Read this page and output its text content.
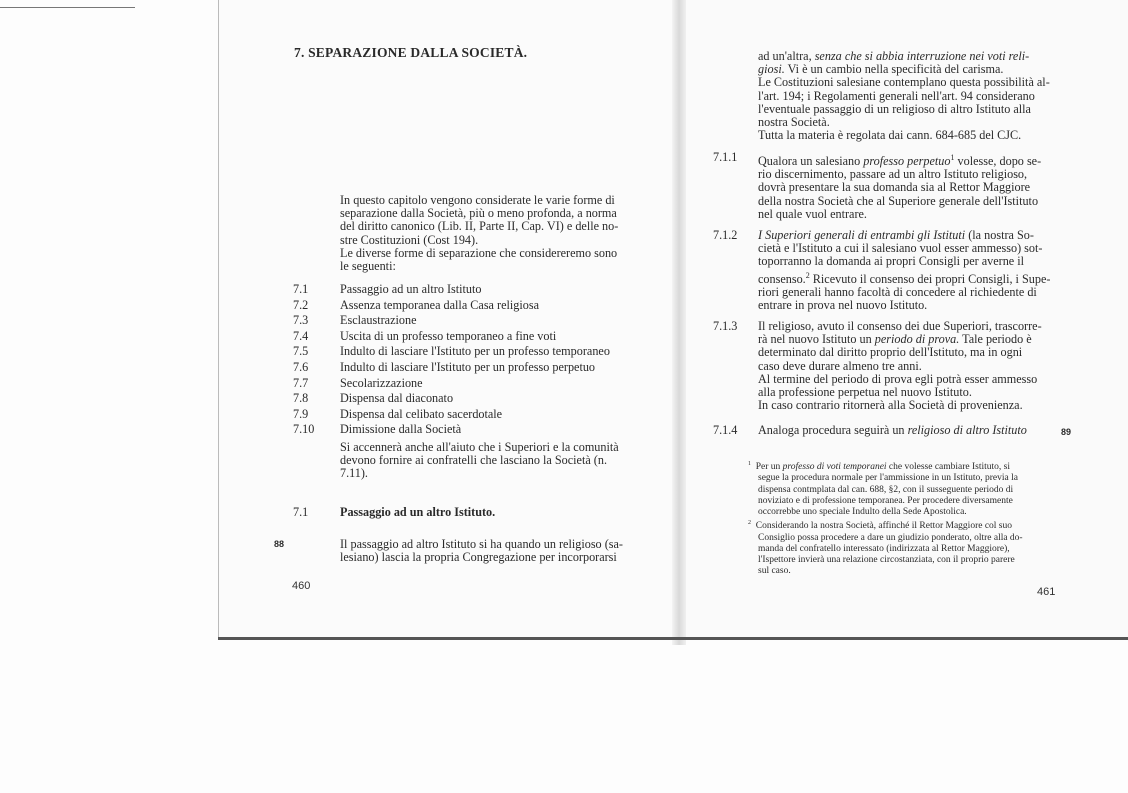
7. SEPARAZIONE DALLA SOCIETÀ.
In questo capitolo vengono considerate le varie forme di
separazione dalla Società, più o meno profonda, a norma
del diritto canonico (Lib. II, Parte II, Cap. VI) e delle no-
stre Costituzioni (Cost 194).
Le diverse forme di separazione che considereremo sono
le seguenti:
7.1	Passaggio ad un altro Istituto
7.2	Assenza temporanea dalla Casa religiosa
7.3	Esclaustrazione
7.4	Uscita di un professo temporaneo a fine voti
7.5	Indulto di lasciare l'Istituto per un professo temporaneo
7.6	Indulto di lasciare l'Istituto per un professo perpetuo
7.7	Secolarizzazione
7.8	Dispensa dal diaconato
7.9	Dispensa dal celibato sacerdotale
7.10 Dimissione dalla Società
Si accennerà anche all'aiuto che i Superiori e la comunità
devono fornire ai confratelli che lasciano la Società (n.
7.11).
7.1	Passaggio ad un altro Istituto.
88	Il passaggio ad altro Istituto si ha quando un religioso (sa-
lesiano) lascia la propria Congregazione per incorporarsi
460
ad un'altra, senza che si abbia interruzione nei voti reli-
giosi. Vi è un cambio nella specificità del carisma.
Le Costituzioni salesiane contemplano questa possibilità al-
l'art. 194; i Regolamenti generali nell'art. 94 considerano
l'eventuale passaggio di un religioso di altro Istituto alla
nostra Società.
Tutta la materia è regolata dai cann. 684-685 del CJC.
7.1.1 Qualora un salesiano professo perpetuo$^1$ volesse, dopo se-
rio discernimento, passare ad un altro Istituto religioso,
dovrà presentare la sua domanda sia al Rettor Maggiore
della nostra Società che al Superiore generale dell'Istituto
nel quale vuol entrare.
7.1.2 I Superiori generali di entrambi gli Istituti (la nostra So-
cietà e l'Istituto a cui il salesiano vuol esser ammesso) sot-
toporranno la domanda ai propri Consigli per averne il
consenso.$^2$ Ricevuto il consenso dei propri Consigli, i Supe-
riori generali hanno facoltà di concedere al richiedente di
entrare in prova nel nuovo Istituto.
7.1.3 Il religioso, avuto il consenso dei due Superiori, trascorre-
rà nel nuovo Istituto un periodo di prova. Tale periodo è
determinato dal diritto proprio dell'Istituto, ma in ogni
caso deve durare almeno tre anni.
Al termine del periodo di prova egli potrà esser ammesso
alla professione perpetua nel nuovo Istituto.
In caso contrario ritornerà alla Società di provenienza.
7.1.4 Analoga procedura seguirà un religioso di altro Istituto	89
$^1$ Per un professo di voti temporanei che volesse cambiare Istituto, si
segue la procedura normale per l'ammissione in un Istituto, previa la
dispensa contmplata dal can. 688, §2, con il susseguente periodo di
noviziato e di professione temporanea. Per procedere diversamente
occorrebbe uno speciale Indulto della Sede Apostolica.
$^2$ Considerando la nostra Società, affinché il Rettor Maggiore col suo
Consiglio possa procedere a dare un giudizio ponderato, oltre alla do-
manda del confratello interessato (indirizzata al Rettor Maggiore),
l'Ispettore invierà una relazione circostanziata, con il proprio parere
sul caso.
461
